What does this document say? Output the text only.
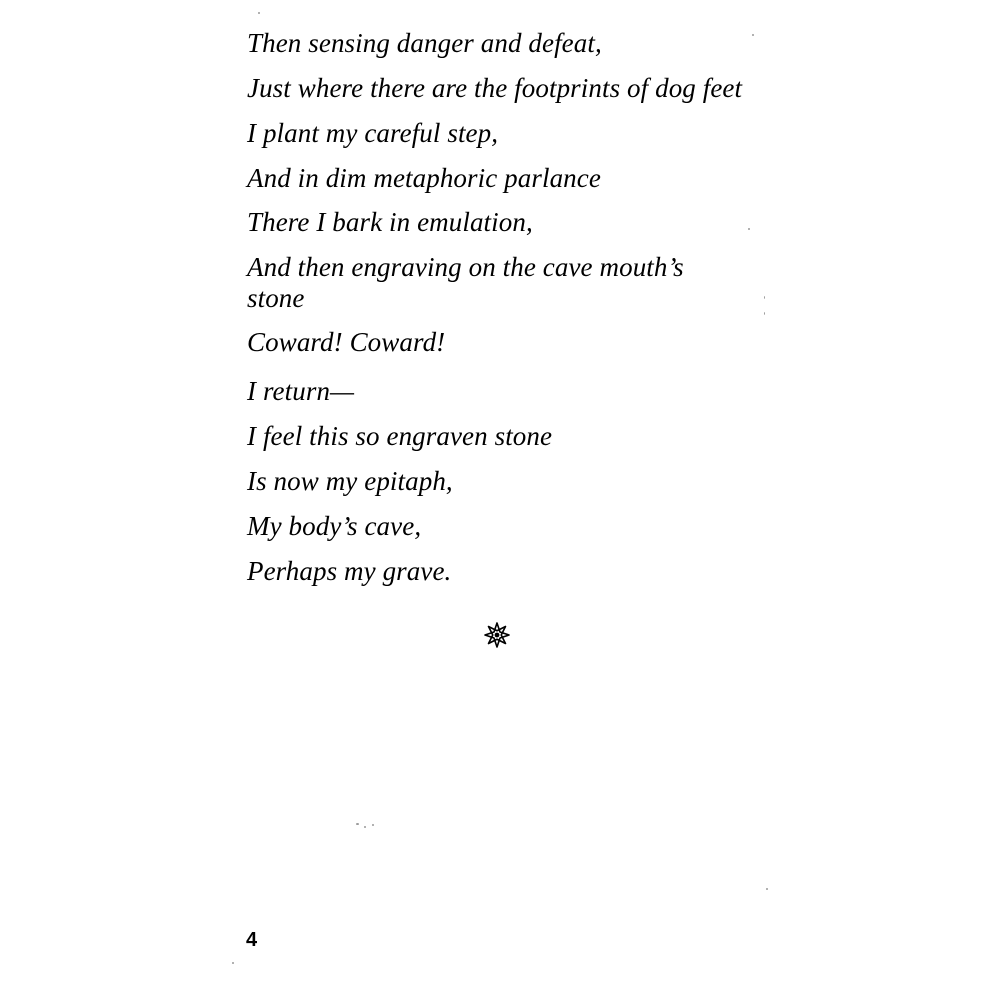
Then sensing danger and defeat,

Just where there are the footprints of dog feet

I plant my careful step,

And in dim metaphoric parlance

There I bark in emulation,

And then engraving on the cave mouth’s stone

Coward! Coward!

I return—

I feel this so engraven stone

Is now my epitaph,

My body’s cave,

Perhaps my grave.

4
